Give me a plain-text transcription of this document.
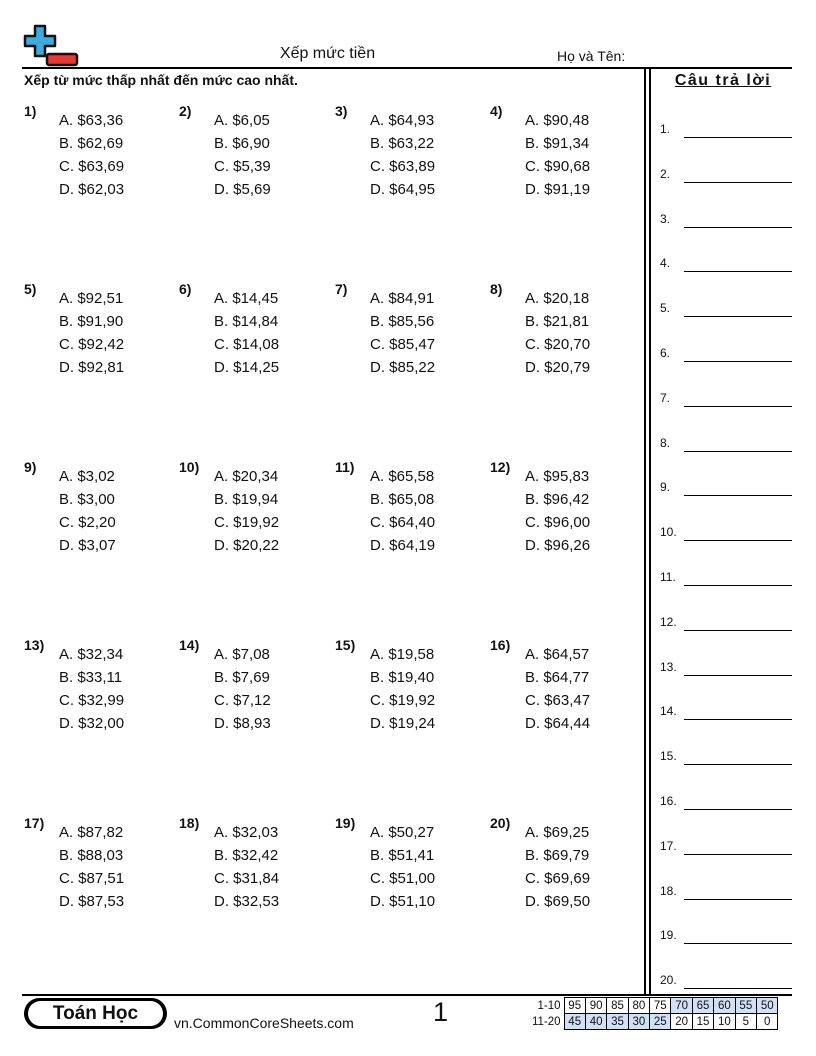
Xếp mức tiền	Họ và Tên:
Xếp từ mức thấp nhất đến mức cao nhất.
1)
A. $63,36
B. $62,69
C. $63,69
D. $62,03
2)
A. $6,05
B. $6,90
C. $5,39
D. $5,69
3)
A. $64,93
B. $63,22
C. $63,89
D. $64,95
4)
A. $90,48
B. $91,34
C. $90,68
D. $91,19
5)
A. $92,51
B. $91,90
C. $92,42
D. $92,81
6)
A. $14,45
B. $14,84
C. $14,08
D. $14,25
7)
A. $84,91
B. $85,56
C. $85,47
D. $85,22
8)
A. $20,18
B. $21,81
C. $20,70
D. $20,79
9)
A. $3,02
B. $3,00
C. $2,20
D. $3,07
10)
A. $20,34
B. $19,94
C. $19,92
D. $20,22
11)
A. $65,58
B. $65,08
C. $64,40
D. $64,19
12)
A. $95,83
B. $96,42
C. $96,00
D. $96,26
13)
A. $32,34
B. $33,11
C. $32,99
D. $32,00
14)
A. $7,08
B. $7,69
C. $7,12
D. $8,93
15)
A. $19,58
B. $19,40
C. $19,92
D. $19,24
16)
A. $64,57
B. $64,77
C. $63,47
D. $64,44
17)
A. $87,82
B. $88,03
C. $87,51
D. $87,53
18)
A. $32,03
B. $32,42
C. $31,84
D. $32,53
19)
A. $50,27
B. $51,41
C. $51,00
D. $51,10
20)
A. $69,25
B. $69,79
C. $69,69
D. $69,50
Câu trả lời
1.
2.
3.
4.
5.
6.
7.
8.
9.
10.
11.
12.
13.
14.
15.
16.
17.
18.
19.
20.
Toán Học	vn.CommonCoreSheets.com	1	1-10	95	90	85	80	75	70	65	60	55	50
11-20	45	40	35	30	25	20	15	10	5	0
